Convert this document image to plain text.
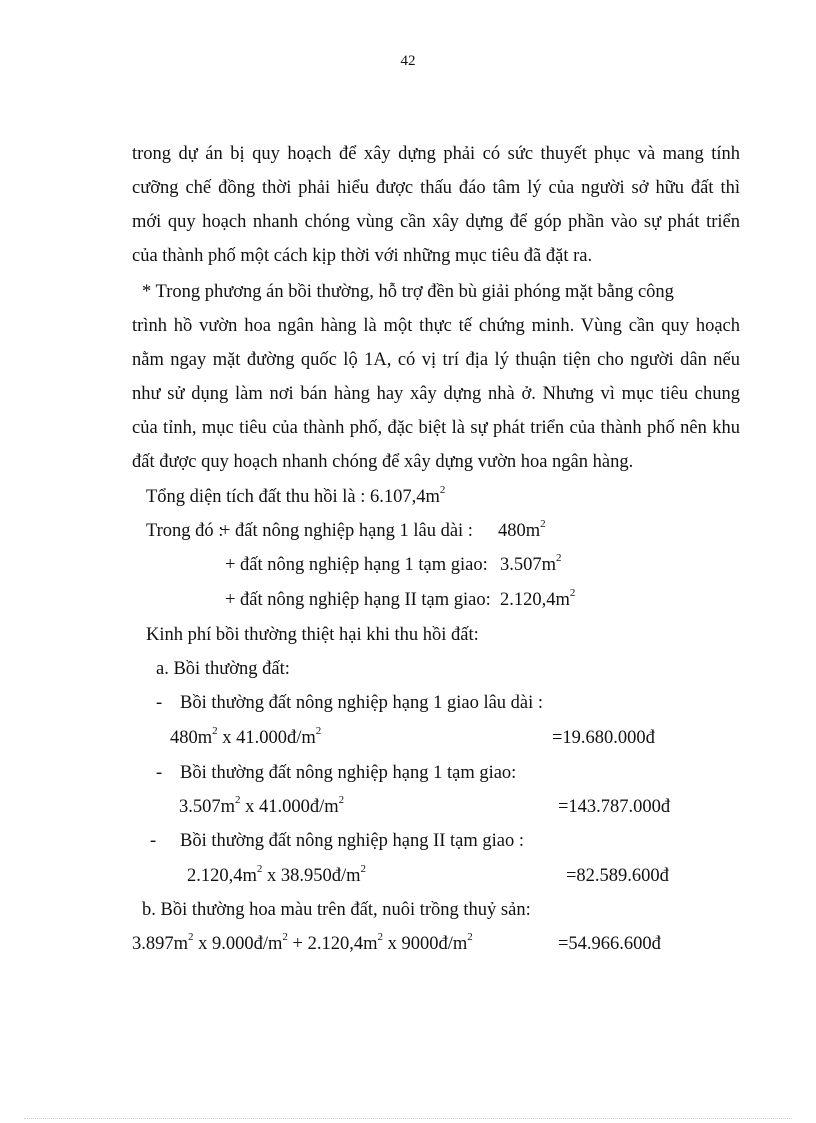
42
trong dự án bị quy hoạch để xây dựng phải có sức thuyết phục và mang tính
cưỡng chế đồng thời phải hiểu được thấu đáo tâm lý của người sở hữu đất thì
mới quy hoạch nhanh chóng vùng cần xây dựng để góp phần vào sự phát triển
của thành phố một cách kịp thời với những mục tiêu đã đặt ra.
* Trong phương án bồi thường, hỗ trợ đền bù giải phóng mặt bằng công
trình hồ vườn hoa ngân hàng là một thực tế chứng minh. Vùng cần quy hoạch
nằm ngay mặt đường quốc lộ 1A, có vị trí địa lý thuận tiện cho người dân nếu
như sử dụng làm nơi bán hàng hay xây dựng nhà ở. Nhưng vì mục tiêu chung
của tỉnh, mục tiêu của thành phố, đặc biệt là sự phát triển của thành phố nên khu
đất được quy hoạch nhanh chóng để xây dựng vườn hoa ngân hàng.
Tổng diện tích đất thu hồi là : $6.107,4m^2$
Trong đó :
+ đất nông nghiệp hạng 1 lâu dài : $480m^2$
+ đất nông nghiệp hạng 1 tạm giao: $3.507m^2$
+ đất nông nghiệp hạng II tạm giao: $2.120,4m^2$
Kinh phí bồi thường thiệt hại khi thu hồi đất:
a. Bồi thường đất:
- Bồi thường đất nông nghiệp hạng 1 giao lâu dài :
$480m^2$ x $41.000đ/m^2$	=19.680.000đ
- Bồi thường đất nông nghiệp hạng 1 tạm giao:
$3.507m^2$ x $41.000đ/m^2$	=143.787.000đ
- Bồi thường đất nông nghiệp hạng II tạm giao :
$2.120,4m^2$ x $38.950đ/m^2$	=82.589.600đ
b. Bồi thường hoa màu trên đất, nuôi trồng thuỷ sản:
$3.897m^2$ x $9.000đ/m^2 + 2.120,4m^2$ x $9000đ/m^2$	=54.966.600đ
